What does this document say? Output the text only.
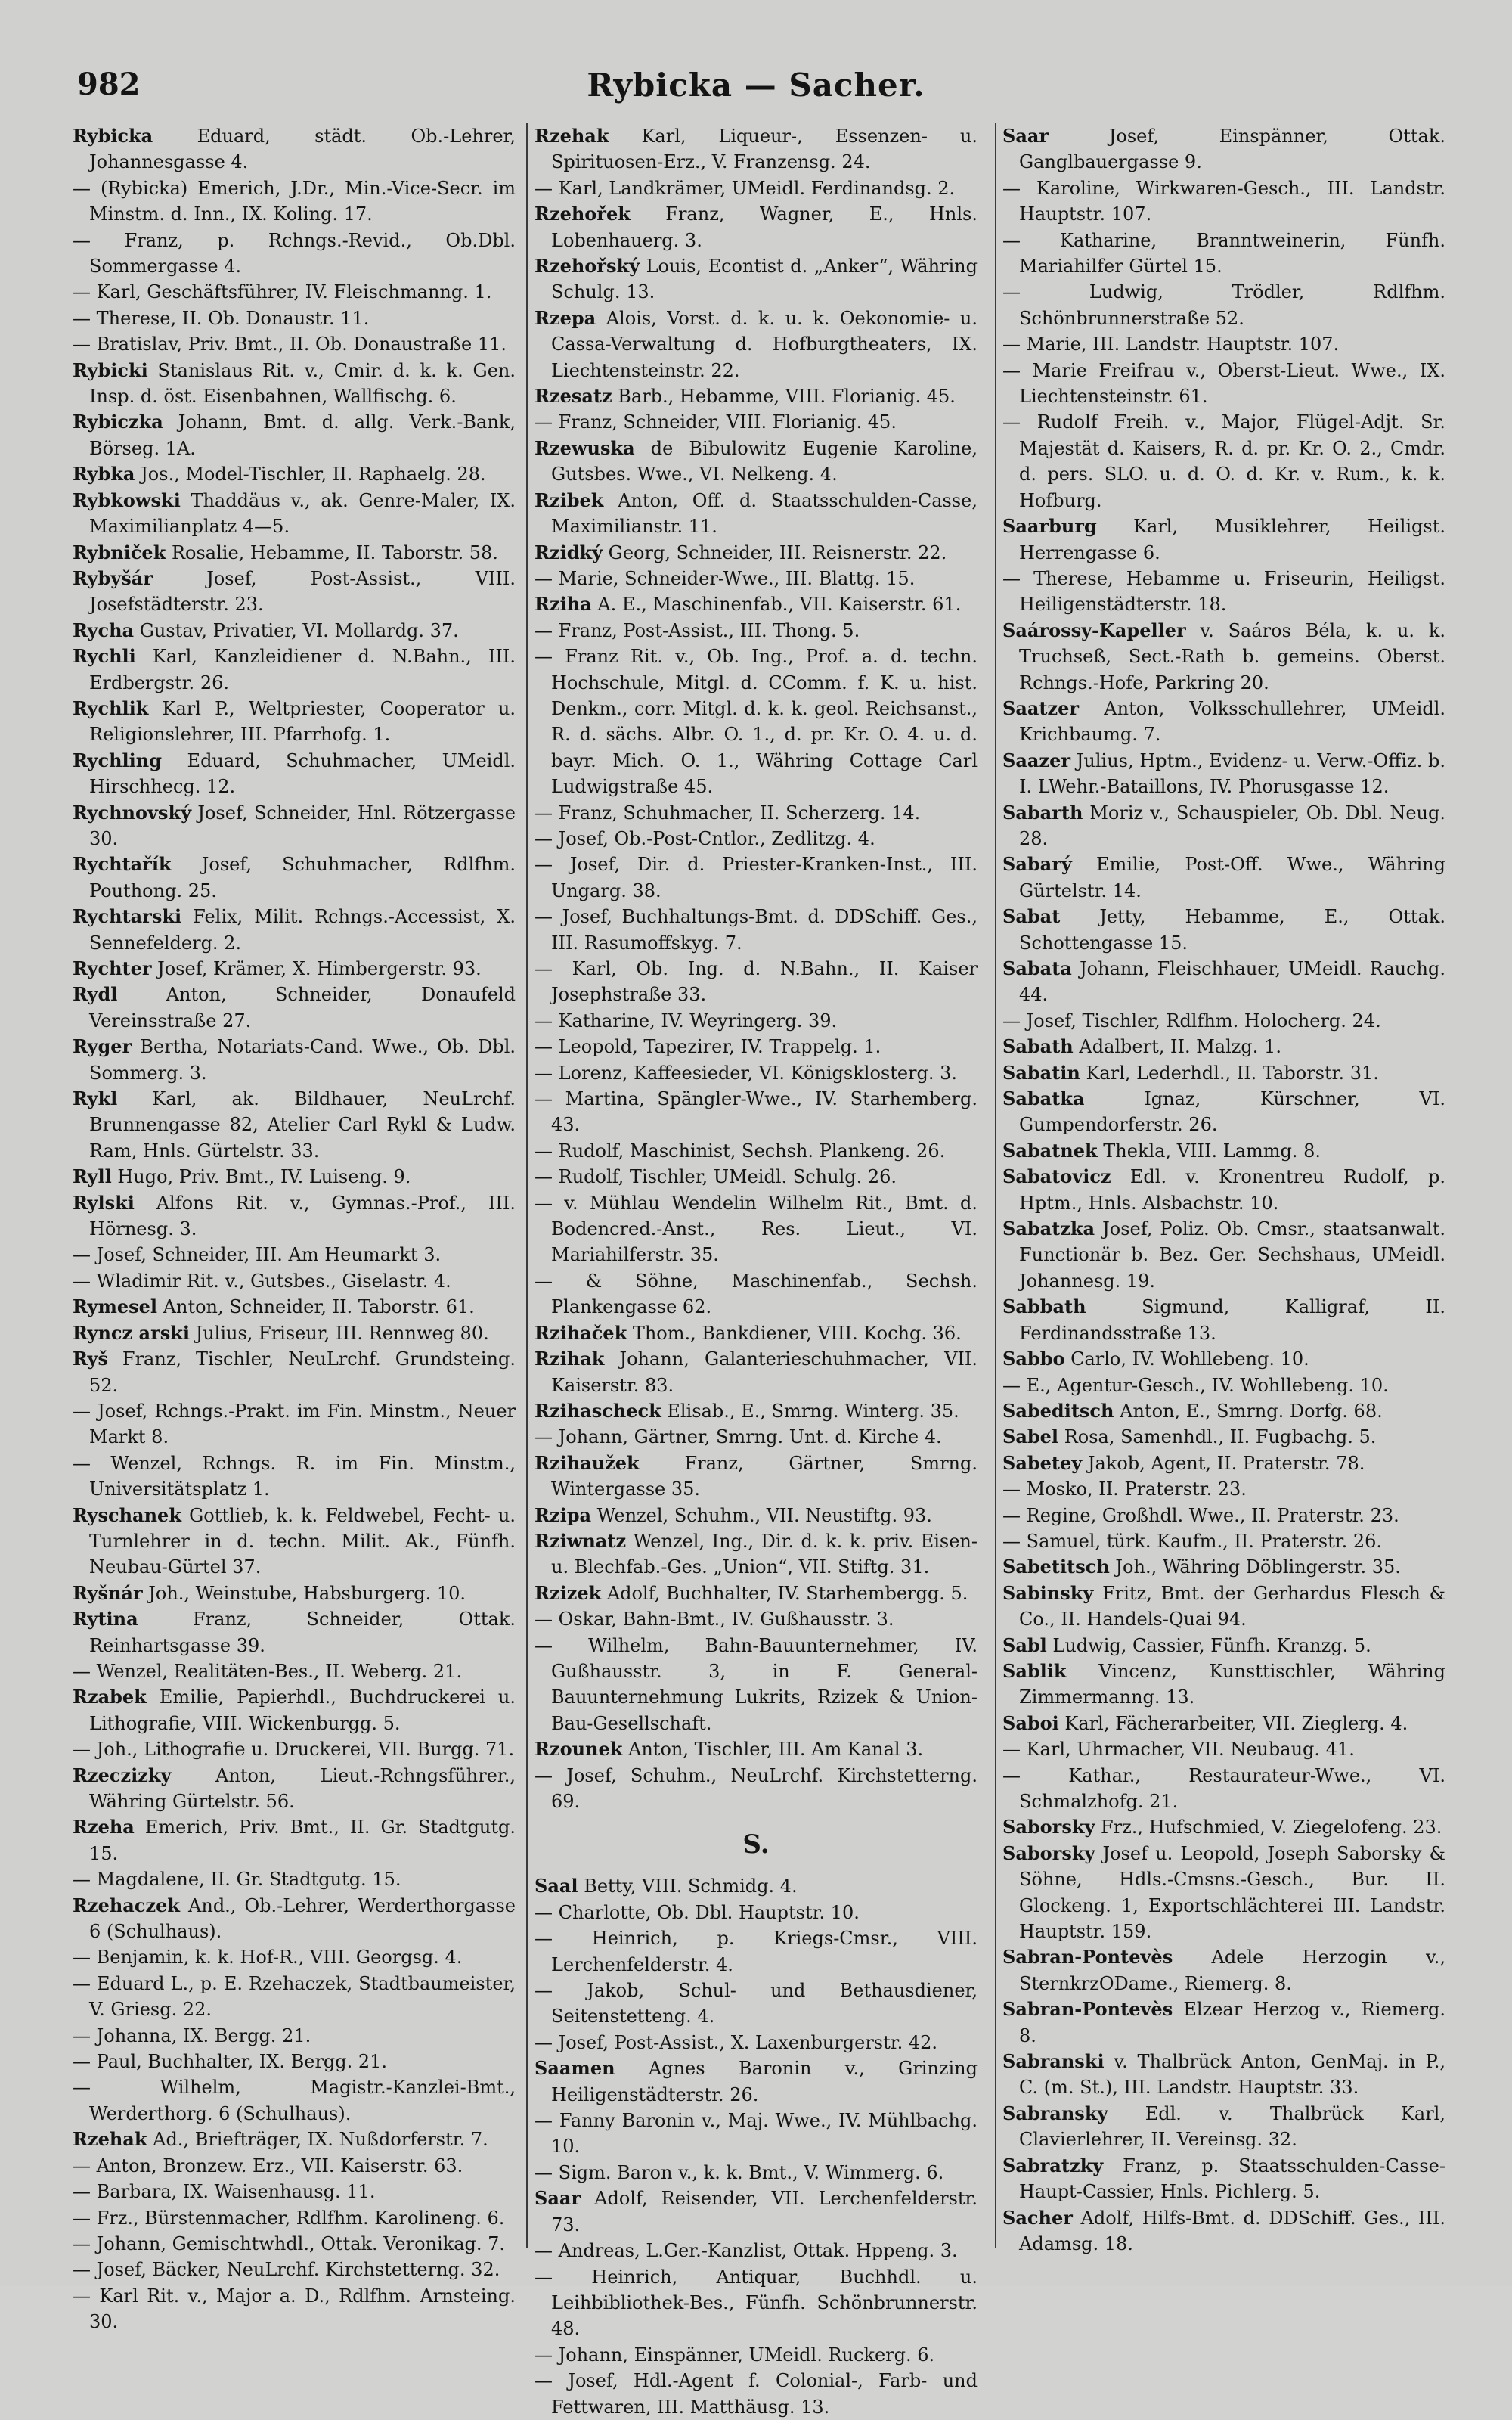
982	Rybicka — Sacher.

Rybicka Eduard, städt. Ob.-Lehrer, Johannesgasse 4.

— (Rybicka) Emerich, J.Dr., Min.-Vice-Secr. im Minstm. d. Inn., IX. Koling. 17.

— Franz, p. Rchngs.-Revid., Ob.Dbl. Sommergasse 4.

— Karl, Geschäftsführer, IV. Fleischmanng. 1.

— Therese, II. Ob. Donaustr. 11.

— Bratislav, Priv. Bmt., II. Ob. Donaustraße 11.

Rybicki Stanislaus Rit. v., Cmir. d. k. k. Gen. Insp. d. öst. Eisenbahnen, Wallfischg. 6.

Rybiczka Johann, Bmt. d. allg. Verk.-Bank, Börseg. 1A.

Rybka Jos., Model-Tischler, II. Raphaelg. 28.

Rybkowski Thaddäus v., ak. Genre-Maler, IX. Maximilianplatz 4—5.

Rybniček Rosalie, Hebamme, II. Taborstr. 58.

Rybyšár Josef, Post-Assist., VIII. Josefstädterstr. 23.

Rycha Gustav, Privatier, VI. Mollardg. 37.

Rychli Karl, Kanzleidiener d. N.Bahn., III. Erdbergstr. 26.

Rychlik Karl P., Weltpriester, Cooperator u. Religionslehrer, III. Pfarrhofg. 1.

Rychling Eduard, Schuhmacher, UMeidl. Hirschhecg. 12.

Rychnovský Josef, Schneider, Hnl. Rötzergasse 30.

Rychtařík Josef, Schuhmacher, Rdlfhm. Pouthong. 25.

Rychtarski Felix, Milit. Rchngs.-Accessist, X. Sennefelderg. 2.

Rychter Josef, Krämer, X. Himbergerstr. 93.

Rydl Anton, Schneider, Donaufeld Vereinsstraße 27.

Ryger Bertha, Notariats-Cand. Wwe., Ob. Dbl. Sommerg. 3.

Rykl Karl, ak. Bildhauer, NeuLrchf. Brunnengasse 82, Atelier Carl Rykl & Ludw. Ram, Hnls. Gürtelstr. 33.

Ryll Hugo, Priv. Bmt., IV. Luiseng. 9.

Rylski Alfons Rit. v., Gymnas.-Prof., III. Hörnesg. 3.

— Josef, Schneider, III. Am Heumarkt 3.

— Wladimir Rit. v., Gutsbes., Giselastr. 4.

Rymesel Anton, Schneider, II. Taborstr. 61.

Ryncz arski Julius, Friseur, III. Rennweg 80.

Ryš Franz, Tischler, NeuLrchf. Grundsteing. 52.

— Josef, Rchngs.-Prakt. im Fin. Minstm., Neuer Markt 8.

— Wenzel, Rchngs. R. im Fin. Minstm., Universitätsplatz 1.

Ryschanek Gottlieb, k. k. Feldwebel, Fecht- u. Turnlehrer in d. techn. Milit. Ak., Fünfh. Neubau-Gürtel 37.

Ryšnár Joh., Weinstube, Habsburgerg. 10.

Rytina Franz, Schneider, Ottak. Reinhartsgasse 39.

— Wenzel, Realitäten-Bes., II. Weberg. 21.

Rzabek Emilie, Papierhdl., Buchdruckerei u. Lithografie, VIII. Wickenburgg. 5.

— Joh., Lithografie u. Druckerei, VII. Burgg. 71.

Rzeczizky Anton, Lieut.-Rchngsführer., Währing Gürtelstr. 56.

Rzeha Emerich, Priv. Bmt., II. Gr. Stadtgutg. 15.

— Magdalene, II. Gr. Stadtgutg. 15.

Rzehaczek And., Ob.-Lehrer, Werderthorgasse 6 (Schulhaus).

— Benjamin, k. k. Hof-R., VIII. Georgsg. 4.

— Eduard L., p. E. Rzehaczek, Stadtbaumeister, V. Griesg. 22.

— Johanna, IX. Bergg. 21.

— Paul, Buchhalter, IX. Bergg. 21.

— Wilhelm, Magistr.-Kanzlei-Bmt., Werderthorg. 6 (Schulhaus).

Rzehak Ad., Briefträger, IX. Nußdorferstr. 7.

— Anton, Bronzew. Erz., VII. Kaiserstr. 63.

— Barbara, IX. Waisenhausg. 11.

— Frz., Bürstenmacher, Rdlfhm. Karolineng. 6.

— Johann, Gemischtwhdl., Ottak. Veronikag. 7.

— Josef, Bäcker, NeuLrchf. Kirchstetterng. 32.

— Karl Rit. v., Major a. D., Rdlfhm. Arnsteing. 30.

Rzehak Karl, Liqueur-, Essenzen- u. Spirituosen-Erz., V. Franzensg. 24.

— Karl, Landkrämer, UMeidl. Ferdinandsg. 2.

Rzehořek Franz, Wagner, E., Hnls. Lobenhauerg. 3.

Rzehořský Louis, Econtist d. „Anker“, Währing Schulg. 13.

Rzepa Alois, Vorst. d. k. u. k. Oekonomie- u. Cassa-Verwaltung d. Hofburgtheaters, IX. Liechtensteinstr. 22.

Rzesatz Barb., Hebamme, VIII. Florianig. 45.

— Franz, Schneider, VIII. Florianig. 45.

Rzewuska de Bibulowitz Eugenie Karoline, Gutsbes. Wwe., VI. Nelkeng. 4.

Rzibek Anton, Off. d. Staatsschulden-Casse, Maximilianstr. 11.

Rzidký Georg, Schneider, III. Reisnerstr. 22.

— Marie, Schneider-Wwe., III. Blattg. 15.

Rziha A. E., Maschinenfab., VII. Kaiserstr. 61.

— Franz, Post-Assist., III. Thong. 5.

— Franz Rit. v., Ob. Ing., Prof. a. d. techn. Hochschule, Mitgl. d. CComm. f. K. u. hist. Denkm., corr. Mitgl. d. k. k. geol. Reichsanst., R. d. sächs. Albr. O. 1., d. pr. Kr. O. 4. u. d. bayr. Mich. O. 1., Währing Cottage Carl Ludwigstraße 45.

— Franz, Schuhmacher, II. Scherzerg. 14.

— Josef, Ob.-Post-Cntlor., Zedlitzg. 4.

— Josef, Dir. d. Priester-Kranken-Inst., III. Ungarg. 38.

— Josef, Buchhaltungs-Bmt. d. DDSchiff. Ges., III. Rasumoffskyg. 7.

— Karl, Ob. Ing. d. N.Bahn., II. Kaiser Josephstraße 33.

— Katharine, IV. Weyringerg. 39.

— Leopold, Tapezirer, IV. Trappelg. 1.

— Lorenz, Kaffeesieder, VI. Königsklosterg. 3.

— Martina, Spängler-Wwe., IV. Starhemberg. 43.

— Rudolf, Maschinist, Sechsh. Plankeng. 26.

— Rudolf, Tischler, UMeidl. Schulg. 26.

— v. Mühlau Wendelin Wilhelm Rit., Bmt. d. Bodencred.-Anst., Res. Lieut., VI. Mariahilferstr. 35.

— & Söhne, Maschinenfab., Sechsh. Plankengasse 62.

Rzihaček Thom., Bankdiener, VIII. Kochg. 36.

Rzihak Johann, Galanterieschuhmacher, VII. Kaiserstr. 83.

Rzihascheck Elisab., E., Smrng. Winterg. 35.

— Johann, Gärtner, Smrng. Unt. d. Kirche 4.

Rzihaužek Franz, Gärtner, Smrng. Wintergasse 35.

Rzipa Wenzel, Schuhm., VII. Neustiftg. 93.

Rziwnatz Wenzel, Ing., Dir. d. k. k. priv. Eisen- u. Blechfab.-Ges. „Union“, VII. Stiftg. 31.

Rzizek Adolf, Buchhalter, IV. Starhembergg. 5.

— Oskar, Bahn-Bmt., IV. Gußhausstr. 3.

— Wilhelm, Bahn-Bauunternehmer, IV. Gußhausstr. 3, in F. General-Bauunternehmung Lukrits, Rzizek & Union-Bau-Gesellschaft.

Rzounek Anton, Tischler, III. Am Kanal 3.

— Josef, Schuhm., NeuLrchf. Kirchstetterng. 69.

S.

Saal Betty, VIII. Schmidg. 4.

— Charlotte, Ob. Dbl. Hauptstr. 10.

— Heinrich, p. Kriegs-Cmsr., VIII. Lerchenfelderstr. 4.

— Jakob, Schul- und Bethausdiener, Seitenstetteng. 4.

— Josef, Post-Assist., X. Laxenburgerstr. 42.

Saamen Agnes Baronin v., Grinzing Heiligenstädterstr. 26.

— Fanny Baronin v., Maj. Wwe., IV. Mühlbachg. 10.

— Sigm. Baron v., k. k. Bmt., V. Wimmerg. 6.

Saar Adolf, Reisender, VII. Lerchenfelderstr. 73.

— Andreas, L.Ger.-Kanzlist, Ottak. Hppeng. 3.

— Heinrich, Antiquar, Buchhdl. u. Leihbibliothek-Bes., Fünfh. Schönbrunnerstr. 48.

— Johann, Einspänner, UMeidl. Ruckerg. 6.

— Josef, Hdl.-Agent f. Colonial-, Farb- und Fettwaren, III. Matthäusg. 13.

Saar Josef, Einspänner, Ottak. Ganglbauergasse 9.

— Karoline, Wirkwaren-Gesch., III. Landstr. Hauptstr. 107.

— Katharine, Branntweinerin, Fünfh. Mariahilfer Gürtel 15.

— Ludwig, Trödler, Rdlfhm. Schönbrunnerstraße 52.

— Marie, III. Landstr. Hauptstr. 107.

— Marie Freifrau v., Oberst-Lieut. Wwe., IX. Liechtensteinstr. 61.

— Rudolf Freih. v., Major, Flügel-Adjt. Sr. Majestät d. Kaisers, R. d. pr. Kr. O. 2., Cmdr. d. pers. SLO. u. d. O. d. Kr. v. Rum., k. k. Hofburg.

Saarburg Karl, Musiklehrer, Heiligst. Herrengasse 6.

— Therese, Hebamme u. Friseurin, Heiligst. Heiligenstädterstr. 18.

Saárossy-Kapeller v. Saáros Béla, k. u. k. Truchseß, Sect.-Rath b. gemeins. Oberst. Rchngs.-Hofe, Parkring 20.

Saatzer Anton, Volksschullehrer, UMeidl. Krichbaumg. 7.

Saazer Julius, Hptm., Evidenz- u. Verw.-Offiz. b. I. LWehr.-Bataillons, IV. Phorusgasse 12.

Sabarth Moriz v., Schauspieler, Ob. Dbl. Neug. 28.

Sabarý Emilie, Post-Off. Wwe., Währing Gürtelstr. 14.

Sabat Jetty, Hebamme, E., Ottak. Schottengasse 15.

Sabata Johann, Fleischhauer, UMeidl. Rauchg. 44.

— Josef, Tischler, Rdlfhm. Holocherg. 24.

Sabath Adalbert, II. Malzg. 1.

Sabatin Karl, Lederhdl., II. Taborstr. 31.

Sabatka Ignaz, Kürschner, VI. Gumpendorferstr. 26.

Sabatnek Thekla, VIII. Lammg. 8.

Sabatovicz Edl. v. Kronentreu Rudolf, p. Hptm., Hnls. Alsbachstr. 10.

Sabatzka Josef, Poliz. Ob. Cmsr., staatsanwalt. Functionär b. Bez. Ger. Sechshaus, UMeidl. Johannesg. 19.

Sabbath Sigmund, Kalligraf, II. Ferdinandsstraße 13.

Sabbo Carlo, IV. Wohllebeng. 10.

— E., Agentur-Gesch., IV. Wohllebeng. 10.

Sabeditsch Anton, E., Smrng. Dorfg. 68.

Sabel Rosa, Samenhdl., II. Fugbachg. 5.

Sabetey Jakob, Agent, II. Praterstr. 78.

— Mosko, II. Praterstr. 23.

— Regine, Großhdl. Wwe., II. Praterstr. 23.

— Samuel, türk. Kaufm., II. Praterstr. 26.

Sabetitsch Joh., Währing Döblingerstr. 35.

Sabinsky Fritz, Bmt. der Gerhardus Flesch & Co., II. Handels-Quai 94.

Sabl Ludwig, Cassier, Fünfh. Kranzg. 5.

Sablik Vincenz, Kunsttischler, Währing Zimmermanng. 13.

Saboi Karl, Fächerarbeiter, VII. Zieglerg. 4.

— Karl, Uhrmacher, VII. Neubaug. 41.

— Kathar., Restaurateur-Wwe., VI. Schmalzhofg. 21.

Saborsky Frz., Hufschmied, V. Ziegelofeng. 23.

Saborsky Josef u. Leopold, Joseph Saborsky & Söhne, Hdls.-Cmsns.-Gesch., Bur. II. Glockeng. 1, Exportschlächterei III. Landstr. Hauptstr. 159.

Sabran-Pontevès Adele Herzogin v., SternkrzODame., Riemerg. 8.

Sabran-Pontevès Elzear Herzog v., Riemerg. 8.

Sabranski v. Thalbrück Anton, GenMaj. in P., C. (m. St.), III. Landstr. Hauptstr. 33.

Sabransky Edl. v. Thalbrück Karl, Clavierlehrer, II. Vereinsg. 32.

Sabratzky Franz, p. Staatsschulden-Casse-Haupt-Cassier, Hnls. Pichlerg. 5.

Sacher Adolf, Hilfs-Bmt. d. DDSchiff. Ges., III. Adamsg. 18.
